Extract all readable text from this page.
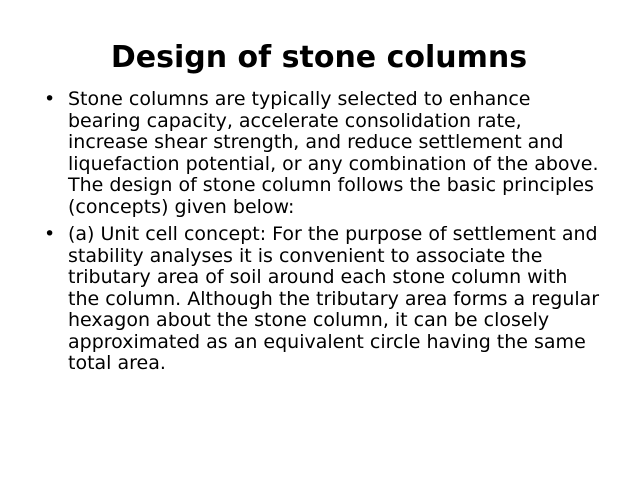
Design of stone columns
• Stone columns are typically selected to enhance bearing capacity, accelerate consolidation rate, increase shear strength, and reduce settlement and liquefaction potential, or any combination of the above. The design of stone column follows the basic principles (concepts) given below:
• (a) Unit cell concept: For the purpose of settlement and stability analyses it is convenient to associate the tributary area of soil around each stone column with the column. Although the tributary area forms a regular hexagon about the stone column, it can be closely approximated as an equivalent circle having the same total area.
